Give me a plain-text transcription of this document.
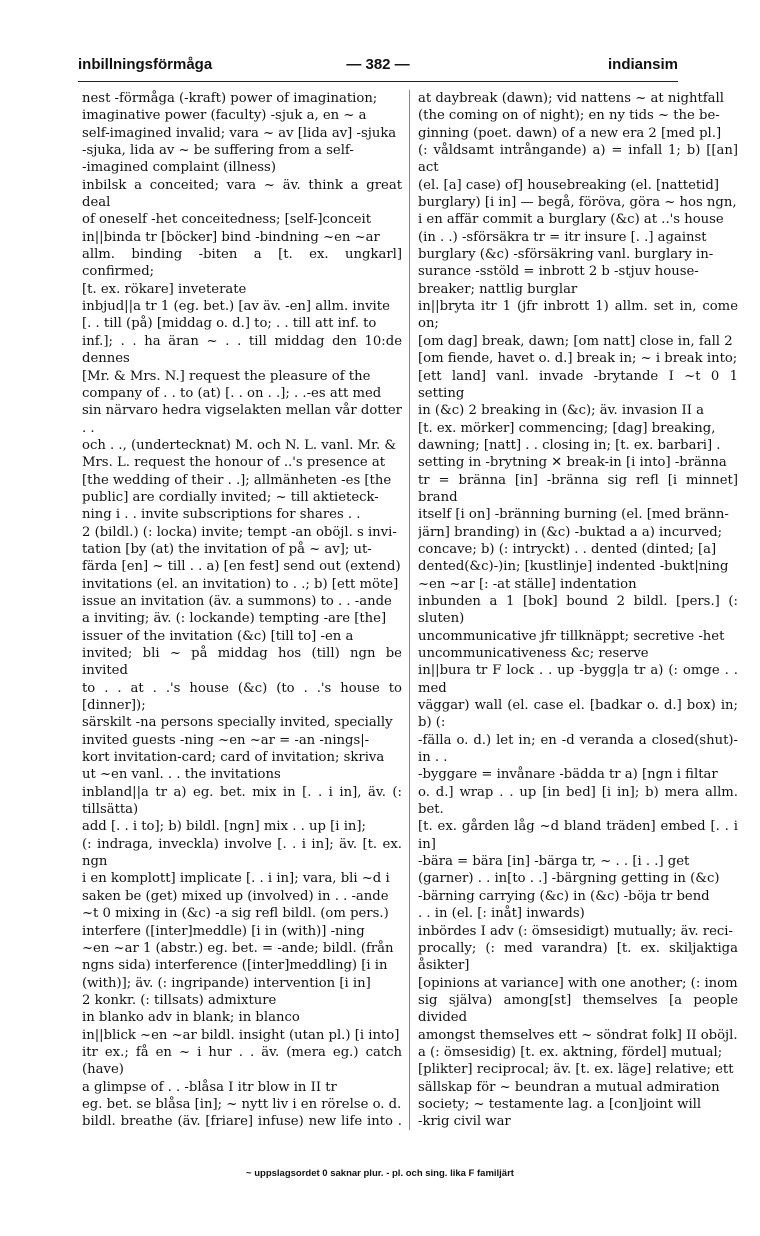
inbillningsförmåga	— 382 —	indiansim

nest -förmåga (-kraft) power of imagination;

imaginative power (faculty) -sjuk a, en ~ a

self-imagined invalid; vara ~ av [lida av] -sjuka

-sjuka, lida av ~ be suffering from a self-

-imagined complaint (illness)

inbilsk a conceited; vara ~ äv. think a great deal

of oneself -het conceitedness; [self-]conceit

in||binda tr [böcker] bind -bindning ~en ~ar

allm. binding -biten a [t. ex. ungkarl] confirmed;

[t. ex. rökare] inveterate

inbjud||a tr 1 (eg. bet.) [av äv. -en] allm. invite

[. . till (på) [middag o. d.] to; . . till att inf. to

inf.]; . . ha äran ~ . . till middag den 10:de dennes

[Mr. & Mrs. N.] request the pleasure of the

company of . . to (at) [. . on . .]; . .-es att med

sin närvaro hedra vigselakten mellan vår dotter . .

och . ., (undertecknat) M. och N. L. vanl. Mr. &

Mrs. L. request the honour of ..'s presence at

[the wedding of their . .]; allmänheten -es [the

public] are cordially invited; ~ till aktieteck-

ning i . . invite subscriptions for shares . .

2 (bildl.) (: locka) invite; tempt -an oböjl. s invi-

tation [by (at) the invitation of på ~ av]; ut-

färda [en] ~ till . . a) [en fest] send out (extend)

invitations (el. an invitation) to . .; b) [ett möte]

issue an invitation (äv. a summons) to . . -ande

a inviting; äv. (: lockande) tempting -are [the]

issuer of the invitation (&c) [till to] -en a

invited; bli ~ på middag hos (till) ngn be invited

to . . at . .'s house (&c) (to . .'s house to [dinner]);

särskilt -na persons specially invited, specially

invited guests -ning ~en ~ar = -an -nings|-

kort invitation-card; card of invitation; skriva

ut ~en vanl. . . the invitations

inbland||a tr a) eg. bet. mix in [. . i in], äv. (: tillsätta)

add [. . i to]; b) bildl. [ngn] mix . . up [i in];

(: indraga, inveckla) involve [. . i in]; äv. [t. ex. ngn

i en komplott] implicate [. . i in]; vara, bli ~d i

saken be (get) mixed up (involved) in . . -ande

~t 0 mixing in (&c) -a sig refl bildl. (om pers.)

interfere ([inter]meddle) [i in (with)] -ning

~en ~ar 1 (abstr.) eg. bet. = -ande; bildl. (från

ngns sida) interference ([inter]meddling) [i in

(with)]; äv. (: ingripande) intervention [i in]

2 konkr. (: tillsats) admixture

in blanko adv in blank; in blanco

in||blick ~en ~ar bildl. insight (utan pl.) [i into]

itr ex.; få en ~ i hur . . äv. (mera eg.) catch (have)

a glimpse of . . -blåsa I itr blow in II tr

eg. bet. se blåsa [in]; ~ nytt liv i en rörelse o. d.

bildl. breathe (äv. [friare] infuse) new life into .

at daybreak (dawn); vid nattens ~ at nightfall

(the coming on of night); en ny tids ~ the be-

ginning (poet. dawn) of a new era 2 [med pl.]

(: våldsamt intrångande) a) = infall 1; b) [[an] act

(el. [a] case) of] housebreaking (el. [nattetid]

burglary) [i in] — begå, föröva, göra ~ hos ngn,

i en affär commit a burglary (&c) at ..'s house

(in . .) -sförsäkra tr = itr insure [. .] against

burglary (&c) -sförsäkring vanl. burglary in-

surance -sstöld = inbrott 2 b -stjuv house-

breaker; nattlig burglar

in||bryta itr 1 (jfr inbrott 1) allm. set in, come on;

[om dag] break, dawn; [om natt] close in, fall 2

[om fiende, havet o. d.] break in; ~ i break into;

[ett land] vanl. invade -brytande I ~t 0 1 setting

in (&c) 2 breaking in (&c); äv. invasion II a

[t. ex. mörker] commencing; [dag] breaking,

dawning; [natt] . . closing in; [t. ex. barbari] .

setting in -brytning ✕ break-in [i into] -bränna

tr = bränna [in] -bränna sig refl [i minnet] brand

itself [i on] -bränning burning (el. [med bränn-

järn] branding) in (&c) -buktad a a) incurved;

concave; b) (: intryckt) . . dented (dinted; [a]

dented(&c)-)in; [kustlinje] indented -bukt|ning

~en ~ar [: -at ställe] indentation

inbunden a 1 [bok] bound 2 bildl. [pers.] (: sluten)

uncommunicative jfr tillknäppt; secretive -het

uncommunicativeness &c; reserve

in||bura tr F lock . . up -bygg|a tr a) (: omge . . med

väggar) wall (el. case el. [badkar o. d.] box) in; b) (:

-fälla o. d.) let in; en -d veranda a closed(shut)-in . .

-byggare = invånare -bädda tr a) [ngn i filtar

o. d.] wrap . . up [in bed] [i in]; b) mera allm. bet.

[t. ex. gården låg ~d bland träden] embed [. . i in]

-bära = bära [in] -bärga tr, ~ . . [i . .] get

(garner) . . in[to . .] -bärgning getting in (&c)

-bärning carrying (&c) in (&c) -böja tr bend

. . in (el. [: inåt] inwards)

inbördes I adv (: ömsesidigt) mutually; äv. reci-

procally; (: med varandra) [t. ex. skiljaktiga åsikter]

[opinions at variance] with one another; (: inom

sig själva) among[st] themselves [a people divided

amongst themselves ett ~ söndrat folk] II oböjl.

a (: ömsesidig) [t. ex. aktning, fördel] mutual;

[plikter] reciprocal; äv. [t. ex. läge] relative; ett

sällskap för ~ beundran a mutual admiration

society; ~ testamente lag. a [con]joint will

-krig civil war

~ uppslagsordet 0 saknar plur. - pl. och sing. lika F familjärt
